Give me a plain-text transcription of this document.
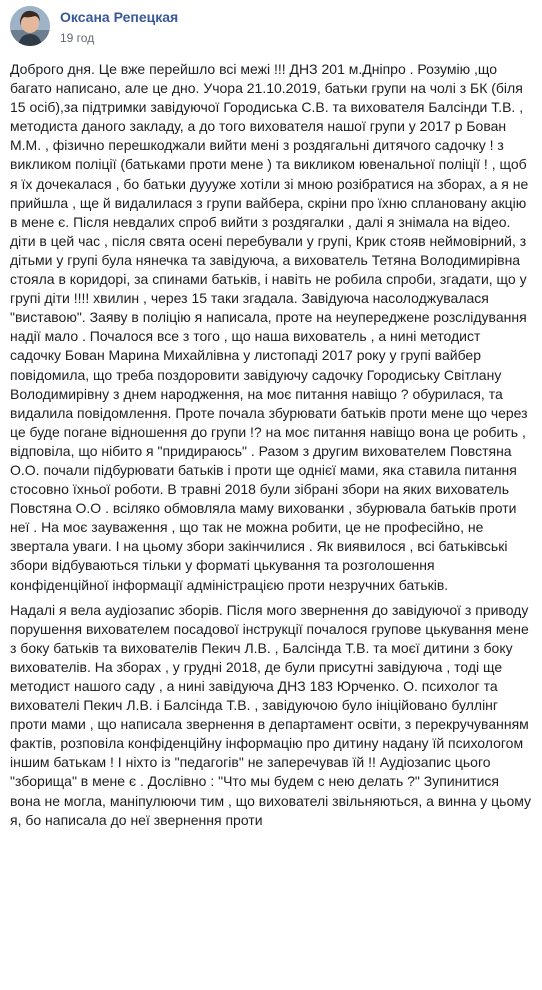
Оксана Репецкая
19 год

Доброго дня. Це вже перейшло всі межі !!! ДНЗ 201 м.Дніпро . Розумію ,що багато написано, але це дно. Учора 21.10.2019, батьки групи на чолі з БК (біля 15 осіб),за підтримки завідуючої Городиська С.В. та вихователя Балсінди Т.В. , методиста даного закладу, а до того вихователя нашої групи у 2017 р Бован М.М. , фізично перешкоджали вийти мені з роздягальні дитячого садочку ! з викликом поліції (батьками проти мене ) та викликом ювенальної поліції ! , щоб я їх дочекалася , бо батьки дуууже хотіли зі мною розібратися на зборах, а я не прийшла , ще й видалилася з групи вайбера, скріни про їхню сплановану акцію в мене є. Після невдалих спроб вийти з роздягалки , далі я знімала на відео. діти в цей час , після свята осені перебували у групі, Крик стояв неймовірний, з дітьми у групі була нянечка та завідуюча, а вихователь Тетяна Володимирівна стояла в коридорі, за спинами батьків, і навіть не робила спроби, згадати, що у групі діти !!!! хвилин , через 15 таки згадала. Завідуюча насолоджувалася "виставою". Заяву в поліцію я написала, проте на неупереджене розслідування надії мало . Почалося все з того , що наша вихователь , а нині методист садочку Бован Марина Михайлівна у листопаді 2017 року у групі вайбер повідомила, що треба поздоровити завідуючу садочку Городиську Світлану Володимирівну з днем народження, на моє питання навіщо ? обурилася, та видалила повідомлення. Проте почала збурювати батьків проти мене що через це буде погане відношення до групи !? на моє питання навіщо вона це робить , відповіла, що нібито я "придираюсь" . Разом з другим вихователем Повстяна О.О. почали підбурювати батьків і проти ще однієї мами, яка ставила питання стосовно їхньої роботи. В травні 2018 були зібрані збори на яких вихователь Повстяна О.О . всіляко обмовляла маму вихованки , збурювала батьків проти неї . На моє зауваження , що так не можна робити, це не професійно, не звертала уваги. І на цьому збори закінчилися . Як виявилося , всі батьківські збори відбуваються тільки у форматі цькування та розголошення конфіденційної інформації адміністрацією проти незручних батьків.

Надалі я вела аудіозапис зборів. Після мого звернення до завідуючої з приводу порушення вихователем посадової інструкції почалося групове цькування мене з боку батьків та вихователів Пекич Л.В. , Балсінда Т.В. та моєї дитини з боку вихователів. На зборах , у грудні 2018, де були присутні завідуюча , тоді ще методист нашого саду , а нині завідуюча ДНЗ 183 Юрченко. О. психолог та вихователі Пекич Л.В. і Балсінда Т.В. , завідуючою було ініційовано буллінг проти мами , що написала звернення в департамент освіти, з перекручуванням фактів, розповіла конфіденційну інформацію про дитину надану їй психологом іншим батькам ! І ніхто із "педагогів" не заперечував їй !! Аудіозапис цього "зборища" в мене є . Дослівно : "Что мы будем с нею делать ?" Зупинитися вона не могла, маніпулюючи тим , що вихователі звільняються, а винна у цьому я, бо написала до неї звернення проти
